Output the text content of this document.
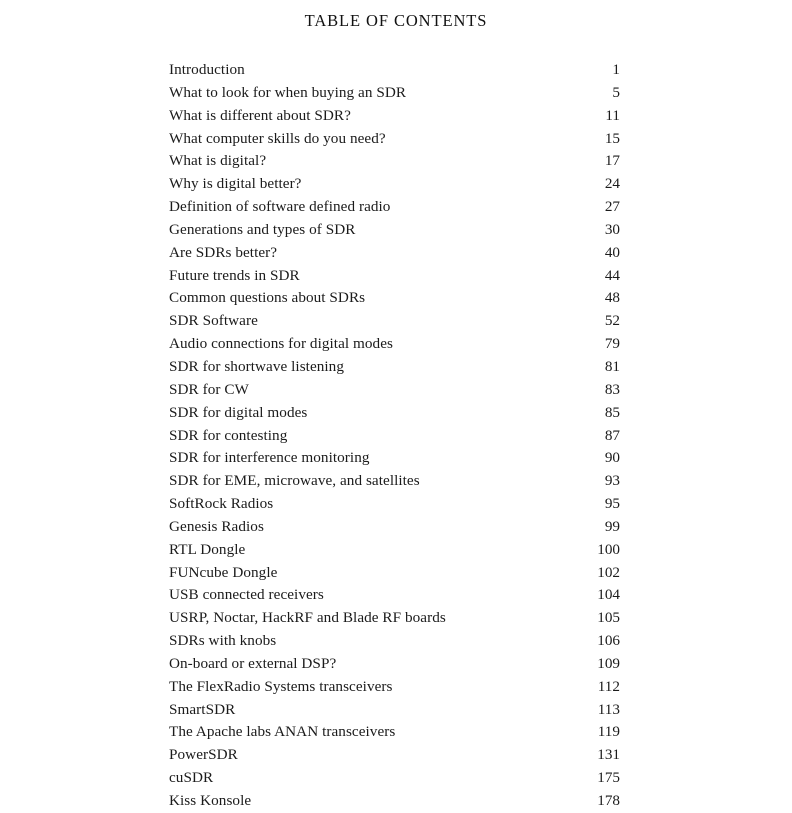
TABLE OF CONTENTS
Introduction	1
What to look for when buying an SDR	5
What is different about SDR?	11
What computer skills do you need?	15
What is digital?	17
Why is digital better?	24
Definition of software defined radio	27
Generations and types of SDR	30
Are SDRs better?	40
Future trends in SDR	44
Common questions about SDRs	48
SDR Software	52
Audio connections for digital modes	79
SDR for shortwave listening	81
SDR for CW	83
SDR for digital modes	85
SDR for contesting	87
SDR for interference monitoring	90
SDR for EME, microwave, and satellites	93
SoftRock Radios	95
Genesis Radios	99
RTL Dongle	100
FUNcube Dongle	102
USB connected receivers	104
USRP, Noctar, HackRF and Blade RF boards	105
SDRs with knobs	106
On-board or external DSP?	109
The FlexRadio Systems transceivers	112
SmartSDR	113
The Apache labs ANAN transceivers	119
PowerSDR	131
cuSDR	175
Kiss Konsole	178
